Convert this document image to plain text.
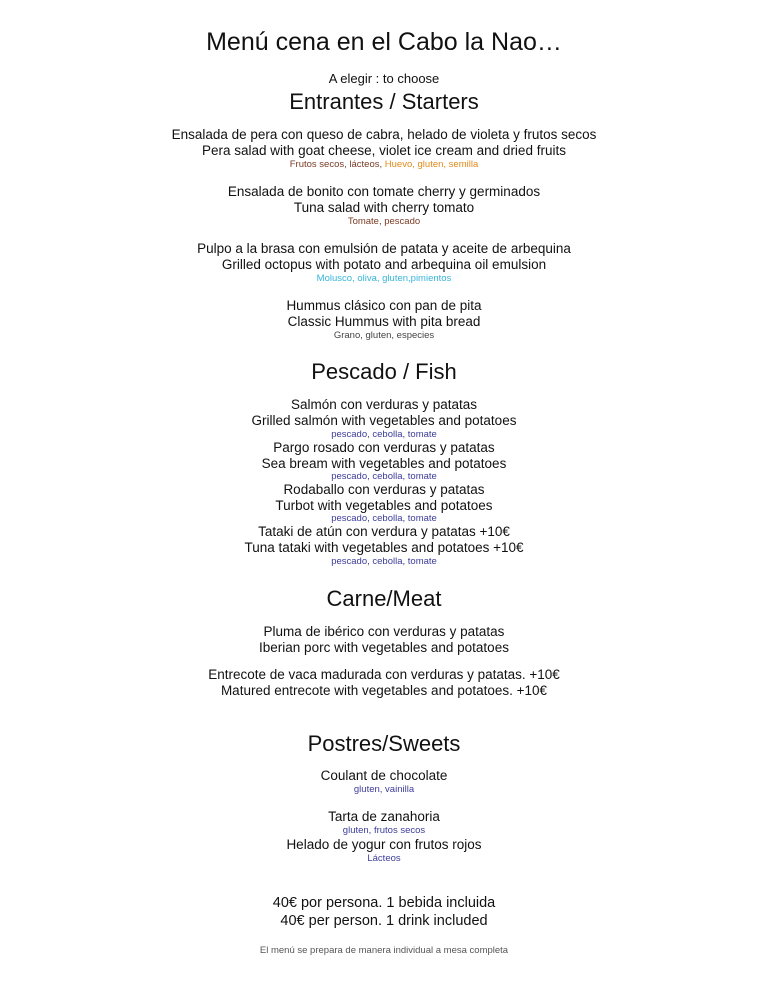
Menú cena en el Cabo la Nao…
A elegir : to choose
Entrantes / Starters
Ensalada de pera con queso de cabra, helado de violeta y frutos secos
Pera salad with goat cheese, violet ice cream and dried fruits
Frutos secos, lácteos, Huevo, gluten, semilla
Ensalada de bonito con tomate cherry y germinados
Tuna salad with cherry tomato
Tomate, pescado
Pulpo a la brasa con emulsión de patata y aceite de arbequina
Grilled octopus with potato and arbequina oil emulsion
Molusco, oliva, gluten,pimientos
Hummus clásico con pan de pita
Classic Hummus with pita bread
Grano, gluten, especies
Pescado / Fish
Salmón con verduras y patatas
Grilled salmón with vegetables and potatoes
pescado, cebolla, tomate
Pargo rosado con verduras y patatas
Sea bream with vegetables and potatoes
pescado, cebolla, tomate
Rodaballo con verduras y patatas
Turbot with vegetables and potatoes
pescado, cebolla, tomate
Tataki de atún con verdura y patatas +10€
Tuna tataki with vegetables and potatoes +10€
pescado, cebolla, tomate
Carne/Meat
Pluma de ibérico con verduras y patatas
Iberian porc with vegetables and potatoes
Entrecote de vaca madurada con verduras y patatas. +10€
Matured entrecote with vegetables and potatoes. +10€
Postres/Sweets
Coulant de chocolate
gluten, vainilla
Tarta de zanahoria
gluten, frutos secos
Helado de yogur con frutos rojos
Lácteos
40€ por persona. 1 bebida incluida
40€ per person. 1 drink included
El menú se prepara de manera individual a mesa completa
